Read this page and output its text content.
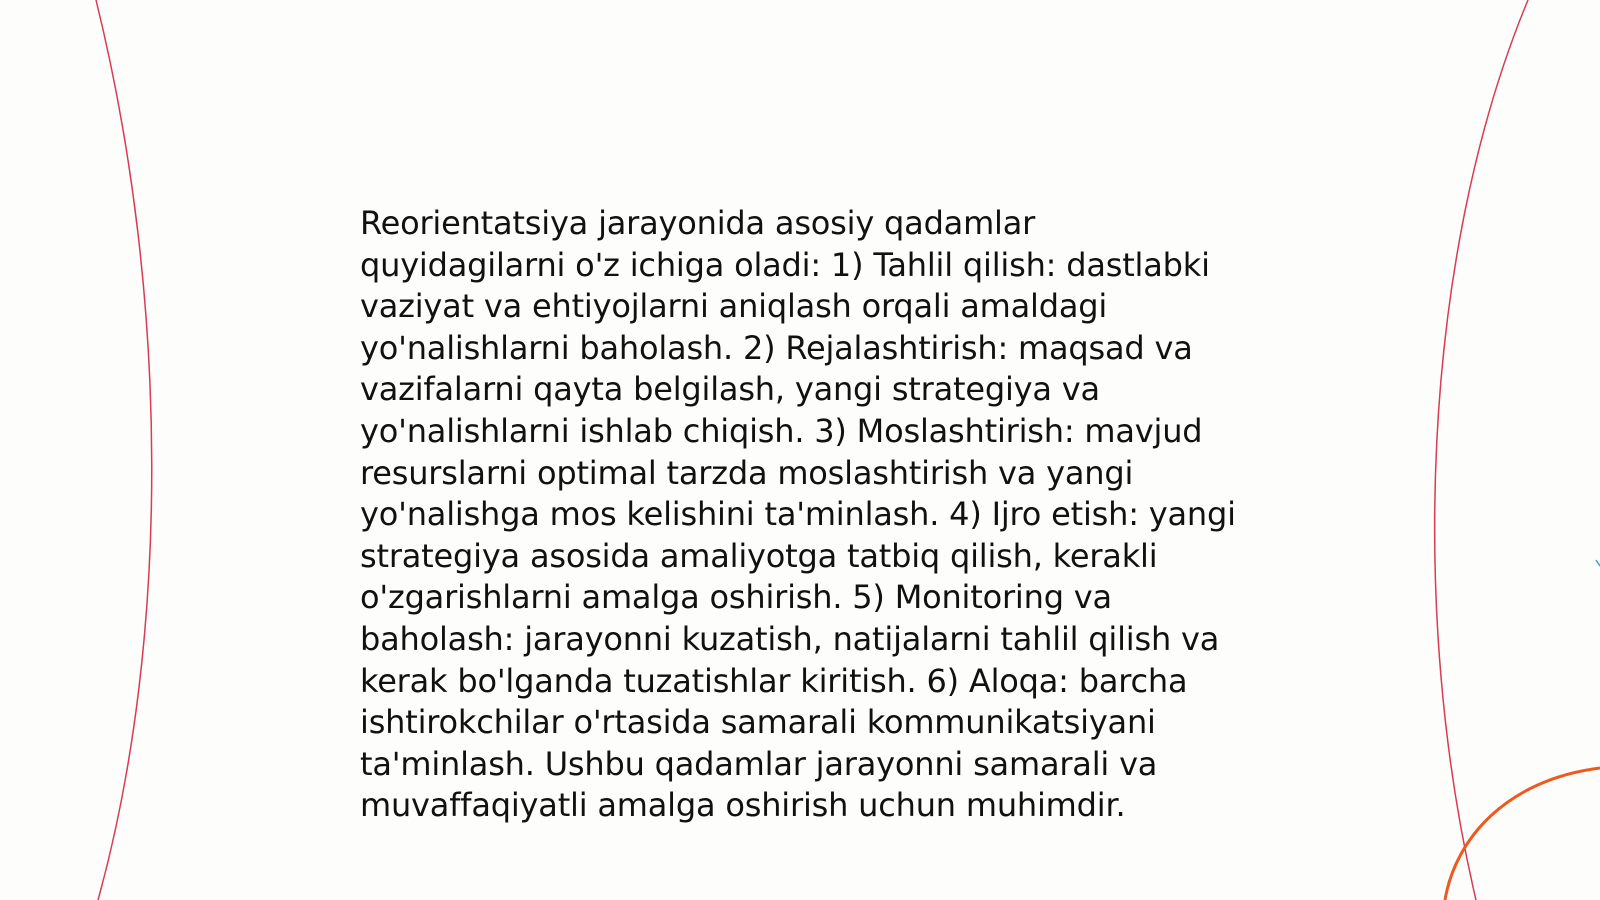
Reorientatsiya jarayonida asosiy qadamlar quyidagilarni o'z ichiga oladi: 1) Tahlil qilish: dastlabki vaziyat va ehtiyojlarni aniqlash orqali amaldagi yo'nalishlarni baholash. 2) Rejalashtirish: maqsad va vazifalarni qayta belgilash, yangi strategiya va yo'nalishlarni ishlab chiqish. 3) Moslashtirish: mavjud resurslarni optimal tarzda moslashtirish va yangi yo'nalishga mos kelishini ta'minlash. 4) Ijro etish: yangi strategiya asosida amaliyotga tatbiq qilish, kerakli o'zgarishlarni amalga oshirish. 5) Monitoring va baholash: jarayonni kuzatish, natijalarni tahlil qilish va kerak bo'lganda tuzatishlar kiritish. 6) Aloqa: barcha ishtirokchilar o'rtasida samarali kommunikatsiyani ta'minlash. Ushbu qadamlar jarayonni samarali va muvaffaqiyatli amalga oshirish uchun muhimdir.
